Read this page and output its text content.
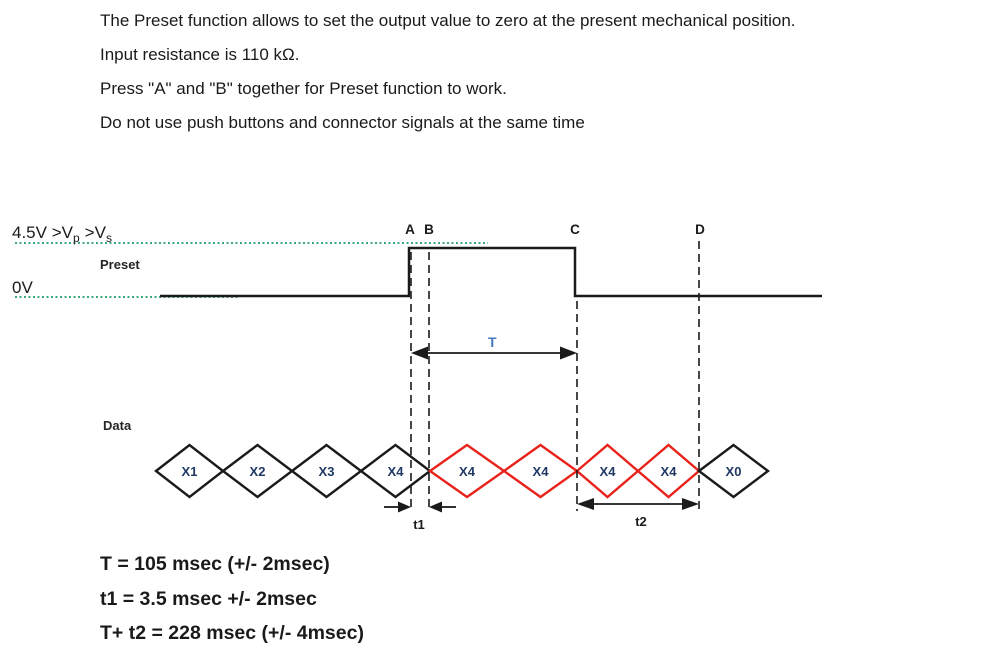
The Preset function allows to set the output value to zero at the present mechanical position.
Input resistance is 110 kΩ.
Press "A" and "B" together for Preset function to work.
Do not use push buttons and connector signals at the same time
T
t1	t2
$4.5V >V_p >V_s$
0V
Preset
Data
A B	C	D
X1	X2	X3	X4	X4	X4	X4	X4	X0
T = 105 msec (+/- 2msec)
t1 = 3.5 msec +/- 2msec
T+ t2 = 228 msec (+/- 4msec)
